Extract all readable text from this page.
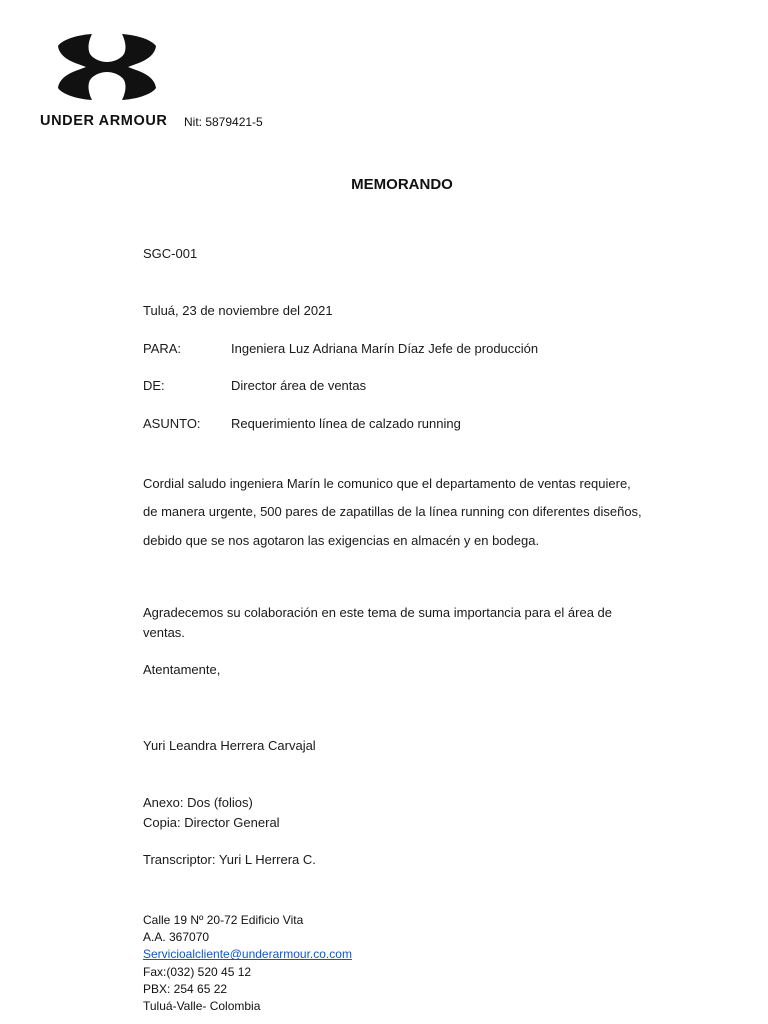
UNDER ARMOUR Nit: 5879421-5
MEMORANDO
SGC-001
Tuluá, 23 de noviembre del 2021
PARA:	Ingeniera Luz Adriana Marín Díaz Jefe de producción
DE:	Director área de ventas
ASUNTO: Requerimiento línea de calzado running
Cordial saludo ingeniera Marín le comunico que el departamento de ventas requiere, de manera urgente, 500 pares de zapatillas de la línea running con diferentes diseños, debido que se nos agotaron las exigencias en almacén y en bodega.
Agradecemos su colaboración en este tema de suma importancia para el área de ventas.
Atentamente,
Yuri Leandra Herrera Carvajal
Anexo: Dos (folios)
Copia: Director General
Transcriptor: Yuri L Herrera C.
Calle 19 Nº 20-72 Edificio Vita
A.A. 367070
Servicioalcliente@underarmour.co.com
Fax:(032) 520 45 12
PBX: 254 65 22
Tuluá-Valle- Colombia
